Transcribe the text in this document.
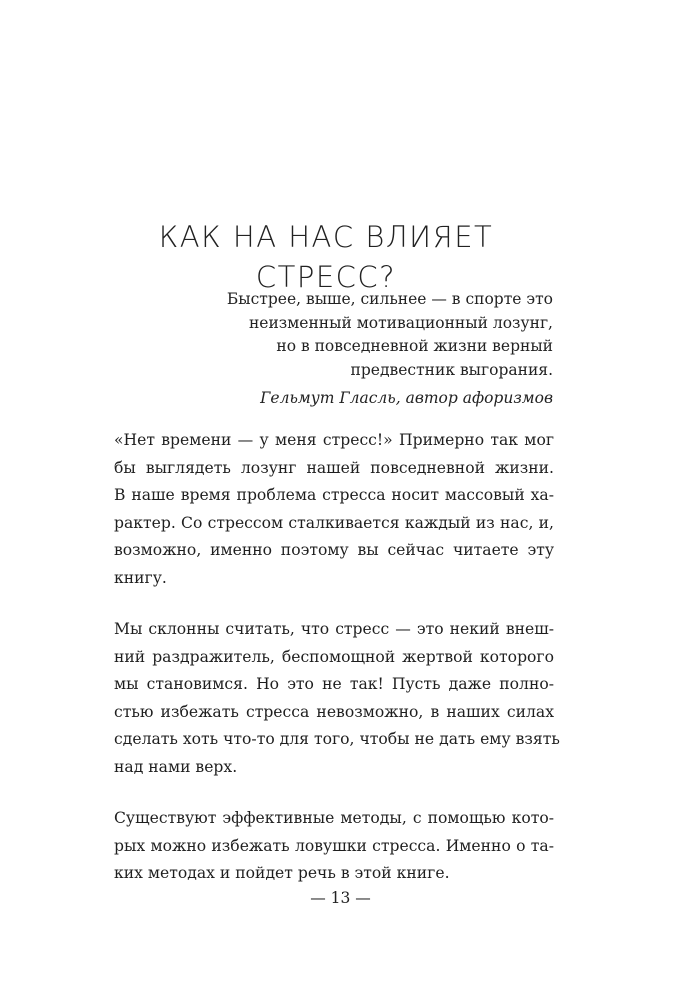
КАК НА НАС ВЛИЯЕТ
СТРЕСС?
Быстрее, выше, сильнее — в спорте это
неизменный мотивационный лозунг,
но в повседневной жизни верный
предвестник выгорания.
Гельмут Гласль, автор афоризмов

«Нет времени — у меня стресс!» Примерно так мог
бы выглядеть лозунг нашей повседневной жизни.
В наше время проблема стресса носит массовый ха-
рактер. Со стрессом сталкивается каждый из нас, и,
возможно, именно поэтому вы сейчас читаете эту
книгу.

Мы склонны считать, что стресс — это некий внеш-
ний раздражитель, беспомощной жертвой которого
мы становимся. Но это не так! Пусть даже полно-
стью избежать стресса невозможно, в наших силах
сделать хоть что-то для того, чтобы не дать ему взять
над нами верх.

Существуют эффективные методы, с помощью кото-
рых можно избежать ловушки стресса. Именно о та-
ких методах и пойдет речь в этой книге.

— 13 —
